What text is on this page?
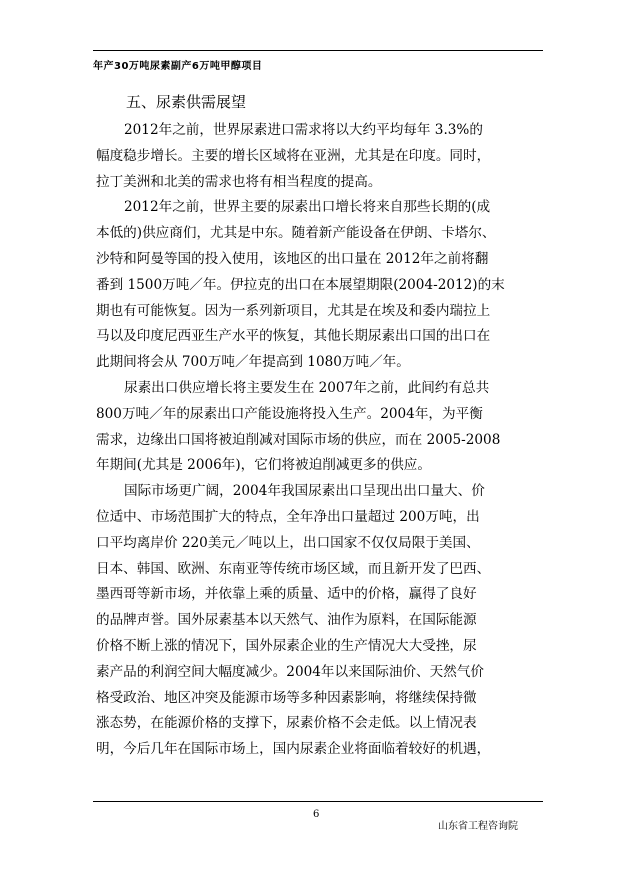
年产30万吨尿素副产6万吨甲醇项目
五、尿素供需展望

2012年之前，世界尿素进口需求将以大约平均每年 3.3%的
幅度稳步增长。主要的增长区域将在亚洲，尤其是在印度。同时，
拉丁美洲和北美的需求也将有相当程度的提高。

2012年之前，世界主要的尿素出口增长将来自那些长期的(成
本低的)供应商们，尤其是中东。随着新产能设备在伊朗、卡塔尔、
沙特和阿曼等国的投入使用，该地区的出口量在 2012年之前将翻
番到 1500万吨／年。伊拉克的出口在本展望期限(2004-2012)的末
期也有可能恢复。因为一系列新项目，尤其是在埃及和委内瑞拉上
马以及印度尼西亚生产水平的恢复，其他长期尿素出口国的出口在
此期间将会从 700万吨／年提高到 1080万吨／年。

尿素出口供应增长将主要发生在 2007年之前，此间约有总共
800万吨／年的尿素出口产能设施将投入生产。2004年，为平衡
需求，边缘出口国将被迫削减对国际市场的供应，而在 2005-2008
年期间(尤其是 2006年)，它们将被迫削减更多的供应。

国际市场更广阔，2004年我国尿素出口呈现出出口量大、价
位适中、市场范围扩大的特点，全年净出口量超过 200万吨，出
口平均离岸价 220美元／吨以上，出口国家不仅仅局限于美国、
日本、韩国、欧洲、东南亚等传统市场区域，而且新开发了巴西、
墨西哥等新市场，并依靠上乘的质量、适中的价格，赢得了良好
的品牌声誉。国外尿素基本以天然气、油作为原料，在国际能源
价格不断上涨的情况下，国外尿素企业的生产情况大大受挫，尿
素产品的利润空间大幅度减少。2004年以来国际油价、天然气价
格受政治、地区冲突及能源市场等多种因素影响，将继续保持微
涨态势，在能源价格的支撑下，尿素价格不会走低。以上情况表
明，今后几年在国际市场上，国内尿素企业将面临着较好的机遇，

6
山东省工程咨询院
